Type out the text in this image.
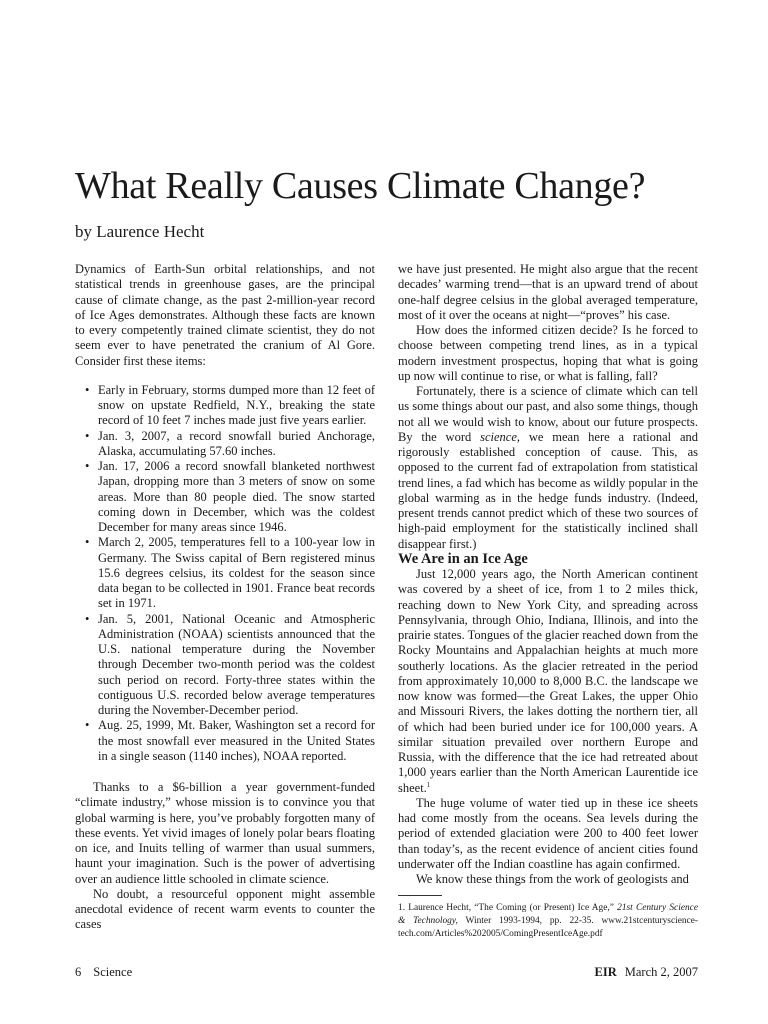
What Really Causes Climate Change?

by Laurence Hecht

Dynamics of Earth-Sun orbital relationships, and not statistical trends in greenhouse gases, are the principal cause of climate change, as the past 2-million-year record of Ice Ages demonstrates. Although these facts are known to every competently trained climate scientist, they do not seem ever to have penetrated the cranium of Al Gore. Consider first these items:

• Early in February, storms dumped more than 12 feet of snow on upstate Redfield, N.Y., breaking the state record of 10 feet 7 inches made just five years earlier.
• Jan. 3, 2007, a record snowfall buried Anchorage, Alaska, accumulating 57.60 inches.
• Jan. 17, 2006 a record snowfall blanketed northwest Japan, dropping more than 3 meters of snow on some areas. More than 80 people died. The snow started coming down in December, which was the coldest December for many areas since 1946.
• March 2, 2005, temperatures fell to a 100-year low in Germany. The Swiss capital of Bern registered minus 15.6 degrees celsius, its coldest for the season since data began to be collected in 1901. France beat records set in 1971.
• Jan. 5, 2001, National Oceanic and Atmospheric Administration (NOAA) scientists announced that the U.S. national temperature during the November through December two-month period was the coldest such period on record. Forty-three states within the contiguous U.S. recorded below average temperatures during the November-December period.
• Aug. 25, 1999, Mt. Baker, Washington set a record for the most snowfall ever measured in the United States in a single season (1140 inches), NOAA reported.

Thanks to a $6-billion a year government-funded “climate industry,” whose mission is to convince you that global warming is here, you’ve probably forgotten many of these events. Yet vivid images of lonely polar bears floating on ice, and Inuits telling of warmer than usual summers, haunt your imagination. Such is the power of advertising over an audience little schooled in climate science.

No doubt, a resourceful opponent might assemble anecdotal evidence of recent warm events to counter the cases

we have just presented. He might also argue that the recent decades’ warming trend—that is an upward trend of about one-half degree celsius in the global averaged temperature, most of it over the oceans at night—“proves” his case.

How does the informed citizen decide? Is he forced to choose between competing trend lines, as in a typical modern investment prospectus, hoping that what is going up now will continue to rise, or what is falling, fall?

Fortunately, there is a science of climate which can tell us some things about our past, and also some things, though not all we would wish to know, about our future prospects. By the word science, we mean here a rational and rigorously established conception of cause. This, as opposed to the current fad of extrapolation from statistical trend lines, a fad which has become as wildly popular in the global warming as in the hedge funds industry. (Indeed, present trends cannot predict which of these two sources of high-paid employment for the statistically inclined shall disappear first.)

We Are in an Ice Age

Just 12,000 years ago, the North American continent was covered by a sheet of ice, from 1 to 2 miles thick, reaching down to New York City, and spreading across Pennsylvania, through Ohio, Indiana, Illinois, and into the prairie states. Tongues of the glacier reached down from the Rocky Mountains and Appalachian heights at much more southerly locations. As the glacier retreated in the period from approximately 10,000 to 8,000 B.C. the landscape we now know was formed—the Great Lakes, the upper Ohio and Missouri Rivers, the lakes dotting the northern tier, all of which had been buried under ice for 100,000 years. A similar situation prevailed over northern Europe and Russia, with the difference that the ice had retreated about 1,000 years earlier than the North American Laurentide ice sheet.$^1$

The huge volume of water tied up in these ice sheets had come mostly from the oceans. Sea levels during the period of extended glaciation were 200 to 400 feet lower than today’s, as the recent evidence of ancient cities found underwater off the Indian coastline has again confirmed.

We know these things from the work of geologists and

1. Laurence Hecht, “The Coming (or Present) Ice Age,” 21st Century Science & Technology, Winter 1993-1994, pp. 22-35. www.21stcenturyscience-tech.com/Articles%202005/ComingPresentIceAge.pdf

6 Science	EIR March 2, 2007
